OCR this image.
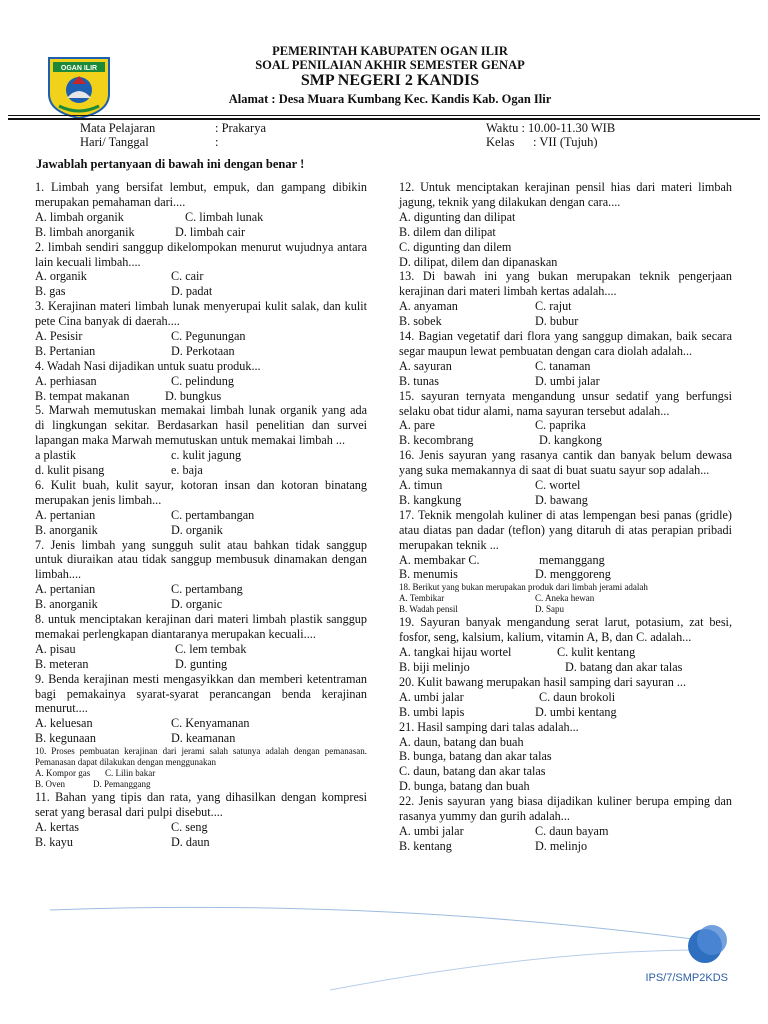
OGAN ILIR
PEMERINTAH KABUPATEN OGAN ILIR
SOAL PENILAIAN AKHIR SEMESTER GENAP
SMP NEGERI 2 KANDIS
Alamat : Desa Muara Kumbang Kec. Kandis Kab. Ogan Ilir
Mata Pelajaran	: Prakarya
Hari/ Tanggal	:
Waktu : 10.00-11.30 WIB
Kelas : VII (Tujuh)
Jawablah pertanyaan di bawah ini dengan benar !
1. Limbah yang bersifat lembut, empuk, dan gampang dibikin merupakan pemahaman dari....
A. limbah organik	C. limbah lunak
B. limbah anorganik	D. limbah cair
2. limbah sendiri sanggup dikelompokan menurut wujudnya antara lain kecuali limbah....
A. organik	C. cair
B. gas	D. padat
3. Kerajinan materi limbah lunak menyerupai kulit salak, dan kulit pete Cina banyak di daerah....
A. Pesisir	C. Pegunungan
B. Pertanian	D. Perkotaan
4. Wadah Nasi dijadikan untuk suatu produk...
A. perhiasan	C. pelindung
B. tempat makanan	D. bungkus
5. Marwah memutuskan memakai limbah lunak organik yang ada di lingkungan sekitar. Berdasarkan hasil penelitian dan survei lapangan maka Marwah memutuskan untuk memakai limbah ...
a plastik	c. kulit jagung
d. kulit pisang	e. baja
6. Kulit buah, kulit sayur, kotoran insan dan kotoran binatang merupakan jenis limbah...
A. pertanian	C. pertambangan
B. anorganik	D. organik
7. Jenis limbah yang sungguh sulit atau bahkan tidak sanggup untuk diuraikan atau tidak sanggup membusuk dinamakan dengan limbah....
A. pertanian	C. pertambang
B. anorganik	D. organic
8. untuk menciptakan kerajinan dari materi limbah plastik sanggup memakai perlengkapan diantaranya merupakan kecuali....
A. pisau	C. lem tembak
B. meteran	D. gunting
9. Benda kerajinan mesti mengasyikkan dan memberi ketentraman bagi pemakainya syarat-syarat perancangan benda kerajinan menurut....
A. keluesan	C. Kenyamanan
B. kegunaan	D. keamanan
10. Proses pembuatan kerajinan dari jerami salah satunya adalah dengan pemanasan. Pemanasan dapat dilakukan dengan menggunakan
A. Kompor gas C. Lilin bakar
B. Oven	D. Pemanggang
11. Bahan yang tipis dan rata, yang dihasilkan dengan kompresi serat yang berasal dari pulpi disebut....
A. kertas	C. seng
B. kayu	D. daun
12. Untuk menciptakan kerajinan pensil hias dari materi limbah jagung, teknik yang dilakukan dengan cara....
A. digunting dan dilipat
B. dilem dan dilipat
C. digunting dan dilem
D. dilipat, dilem dan dipanaskan
13. Di bawah ini yang bukan merupakan teknik pengerjaan kerajinan dari materi limbah kertas adalah....
A. anyaman	C. rajut
B. sobek	D. bubur
14. Bagian vegetatif dari flora yang sanggup dimakan, baik secara segar maupun lewat pembuatan dengan cara diolah adalah...
A. sayuran	C. tanaman
B. tunas	D. umbi jalar
15. sayuran ternyata mengandung unsur sedatif yang berfungsi selaku obat tidur alami, nama sayuran tersebut adalah...
A. pare	C. paprika
B. kecombrang	D. kangkong
16. Jenis sayuran yang rasanya cantik dan banyak belum dewasa yang suka memakannya di saat di buat suatu sayur sop adalah...
A. timun	C. wortel
B. kangkung	D. bawang
17. Teknik mengolah kuliner di atas lempengan besi panas (gridle) atau diatas pan dadar (teflon) yang ditaruh di atas perapian pribadi merupakan teknik ...
A. membakar C.	memanggang
B. menumis	D. menggoreng
18. Berikut yang bukan merupakan produk dari limbah jerami adalah
A. Tembikar	C. Aneka hewan
B. Wadah pensil	D. Sapu
19. Sayuran banyak mengandung serat larut, potasium, zat besi, fosfor, seng, kalsium, kalium, vitamin A, B, dan C. adalah...
A. tangkai hijau wortel	C. kulit kentang
B. biji melinjo	D. batang dan akar talas
20. Kulit bawang merupakan hasil samping dari sayuran ...
A. umbi jalar	C. daun brokoli
B. umbi lapis	D. umbi kentang
21. Hasil samping dari talas adalah...
A. daun, batang dan buah
B. bunga, batang dan akar talas
C. daun, batang dan akar talas
D. bunga, batang dan buah
22. Jenis sayuran yang biasa dijadikan kuliner berupa emping dan rasanya yummy dan gurih adalah...
A. umbi jalar	C. daun bayam
B. kentang	D. melinjo
IPS/7/SMP2KDS
